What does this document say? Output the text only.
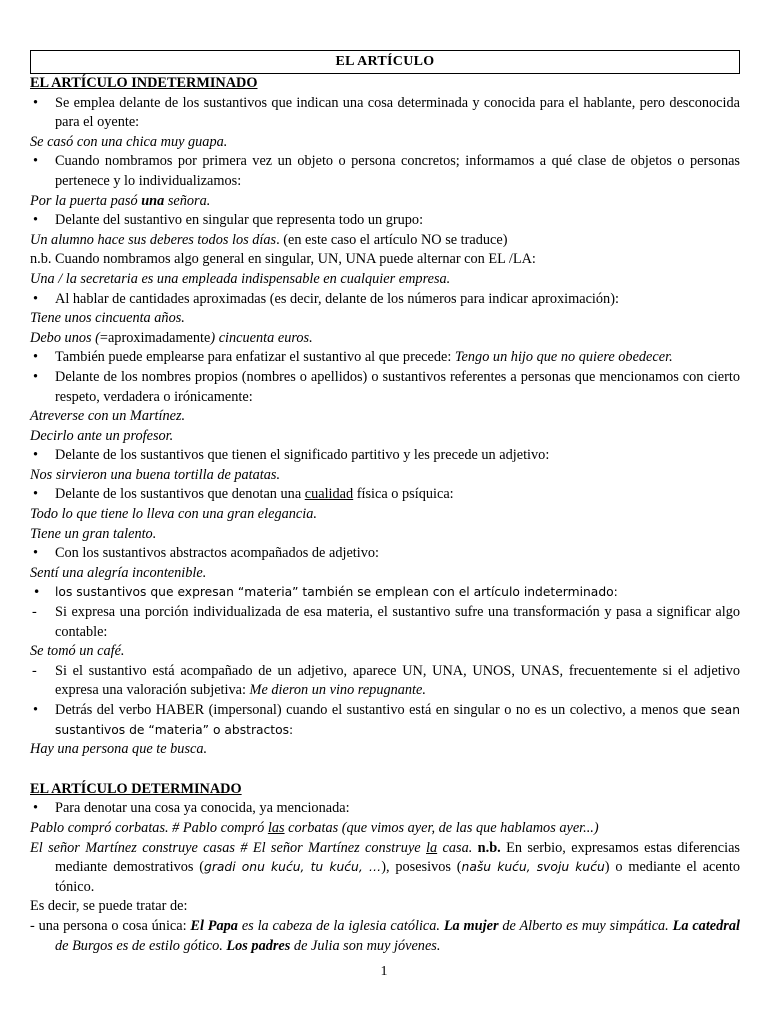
EL ARTÍCULO
EL ARTÍCULO INDETERMINADO
• Se emplea delante de los sustantivos que indican una cosa determinada y conocida para el hablante, pero desconocida para el oyente:
Se casó con una chica muy guapa.
• Cuando nombramos por primera vez un objeto o persona concretos; informamos a qué clase de objetos o personas pertenece y lo individualizamos:
Por la puerta pasó una señora.
• Delante del sustantivo en singular que representa todo un grupo:
Un alumno hace sus deberes todos los días. (en este caso el artículo NO se traduce)
n.b. Cuando nombramos algo general en singular, UN, UNA puede alternar con EL /LA:
Una / la secretaria es una empleada indispensable en cualquier empresa.
• Al hablar de cantidades aproximadas (es decir, delante de los números para indicar aproximación):
Tiene unos cincuenta años.
Debo unos (=aproximadamente) cincuenta euros.
• También puede emplearse para enfatizar el sustantivo al que precede: Tengo un hijo que no quiere obedecer.
• Delante de los nombres propios (nombres o apellidos) o sustantivos referentes a personas que mencionamos con cierto respeto, verdadera o irónicamente:
Atreverse con un Martínez.
Decirlo ante un profesor.
• Delante de los sustantivos que tienen el significado partitivo y les precede un adjetivo:
Nos sirvieron una buena tortilla de patatas.
• Delante de los sustantivos que denotan una cualidad física o psíquica:
Todo lo que tiene lo lleva con una gran elegancia.
Tiene un gran talento.
• Con los sustantivos abstractos acompañados de adjetivo:
Sentí una alegría incontenible.
• los sustantivos que expresan “materia” también se emplean con el artículo indeterminado:
- Si expresa una porción individualizada de esa materia, el sustantivo sufre una transformación y pasa a significar algo contable:
Se tomó un café.
- Si el sustantivo está acompañado de un adjetivo, aparece UN, UNA, UNOS, UNAS, frecuentemente si el adjetivo expresa una valoración subjetiva: Me dieron un vino repugnante.
• Detrás del verbo HABER (impersonal) cuando el sustantivo está en singular o no es un colectivo, a menos que sean sustantivos de “materia” o abstractos:
Hay una persona que te busca.
EL ARTÍCULO DETERMINADO
• Para denotar una cosa ya conocida, ya mencionada:
Pablo compró corbatas. # Pablo compró las corbatas (que vimos ayer, de las que hablamos ayer...)
El señor Martínez construye casas # El señor Martínez construye la casa. n.b. En serbio, expresamos estas diferencias mediante demostrativos (gradi onu kuću, tu kuću, …), posesivos (našu kuću, svoju kuću) o mediante el acento tónico.
Es decir, se puede tratar de:
- una persona o cosa única: El Papa es la cabeza de la iglesia católica. La mujer de Alberto es muy simpática. La catedral de Burgos es de estilo gótico. Los padres de Julia son muy jóvenes.
1
